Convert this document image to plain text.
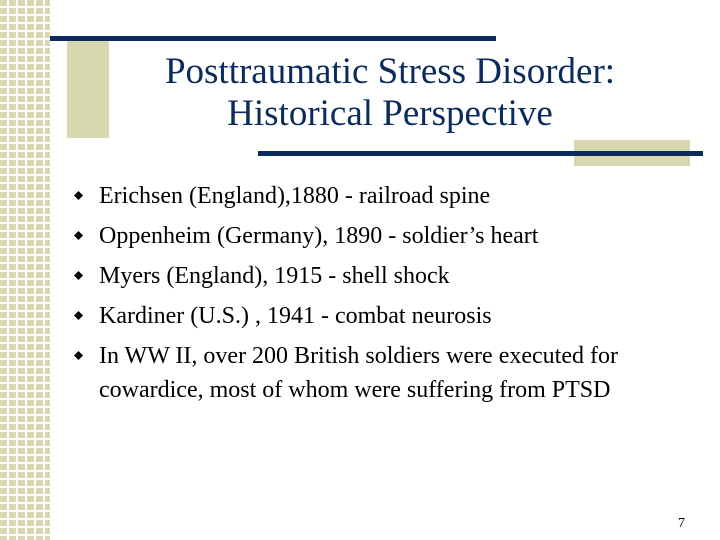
Posttraumatic Stress Disorder:
Historical Perspective
Erichsen (England),1880 - railroad spine
Oppenheim (Germany), 1890 - soldier’s heart
Myers (England), 1915 - shell shock
Kardiner (U.S.) , 1941 - combat neurosis
In WW II, over 200 British soldiers were executed for cowardice, most of whom were suffering from PTSD
7
